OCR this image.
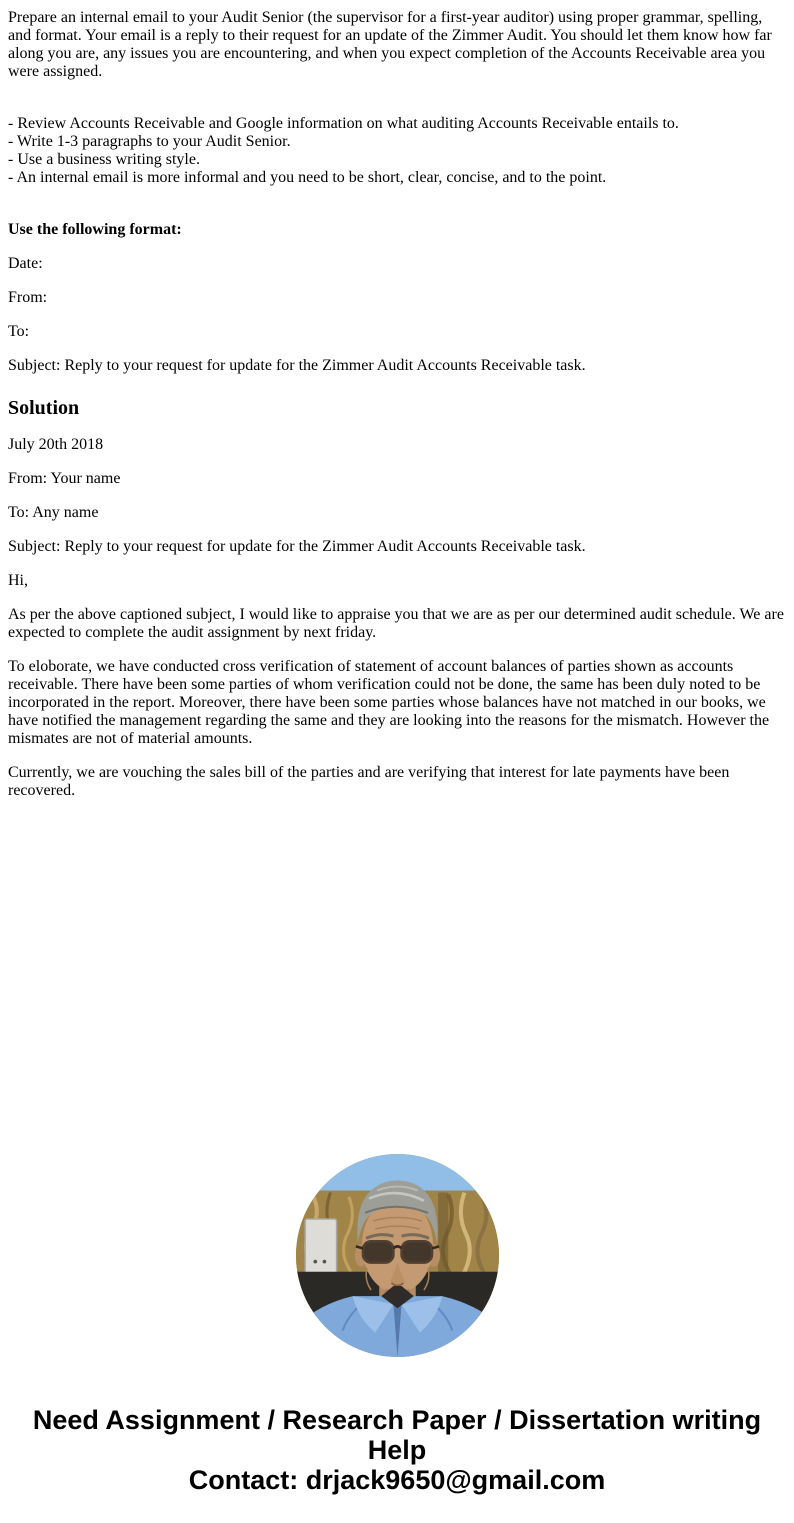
Prepare an internal email to your Audit Senior (the supervisor for a first-year auditor) using proper grammar, spelling, and format. Your email is a reply to their request for an update of the Zimmer Audit. You should let them know how far along you are, any issues you are encountering, and when you expect completion of the Accounts Receivable area you were assigned.

- Review Accounts Receivable and Google information on what auditing Accounts Receivable entails to.
- Write 1-3 paragraphs to your Audit Senior.
- Use a business writing style.
- An internal email is more informal and you need to be short, clear, concise, and to the point.

Use the following format:

Date:

From:

To:

Subject: Reply to your request for update for the Zimmer Audit Accounts Receivable task.

Solution

July 20th 2018

From: Your name

To: Any name

Subject: Reply to your request for update for the Zimmer Audit Accounts Receivable task.

Hi,

As per the above captioned subject, I would like to appraise you that we are as per our determined audit schedule. We are expected to complete the audit assignment by next friday.

To eloborate, we have conducted cross verification of statement of account balances of parties shown as accounts receivable. There have been some parties of whom verification could not be done, the same has been duly noted to be incorporated in the report. Moreover, there have been some parties whose balances have not matched in our books, we have notified the management regarding the same and they are looking into the reasons for the mismatch. However the mismates are not of material amounts.

Currently, we are vouching the sales bill of the parties and are verifying that interest for late payments have been recovered.

Need Assignment / Research Paper / Dissertation writing Help
Contact: drjack9650@gmail.com
